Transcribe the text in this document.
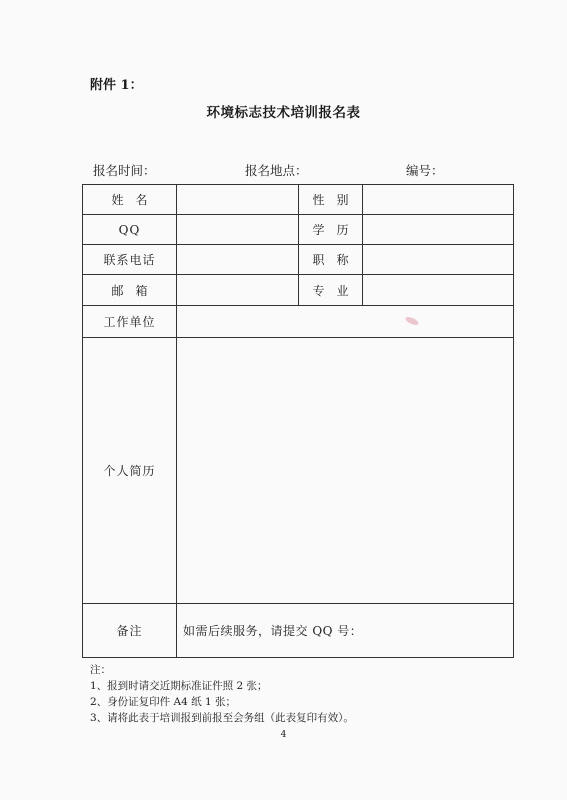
附件 1：
环境标志技术培训报名表
报名时间：	报名地点：	编号：
姓名		性别	
QQ		学历	
联系电话		职称	
邮箱		专业	
工作单位			
个人简历			
备注	如需后续服务，请提交 QQ 号：		
注：
1、报到时请交近期标准证件照 2 张；
2、身份证复印件 A4 纸 1 张；
3、请将此表于培训报到前报至会务组（此表复印有效）。
4
